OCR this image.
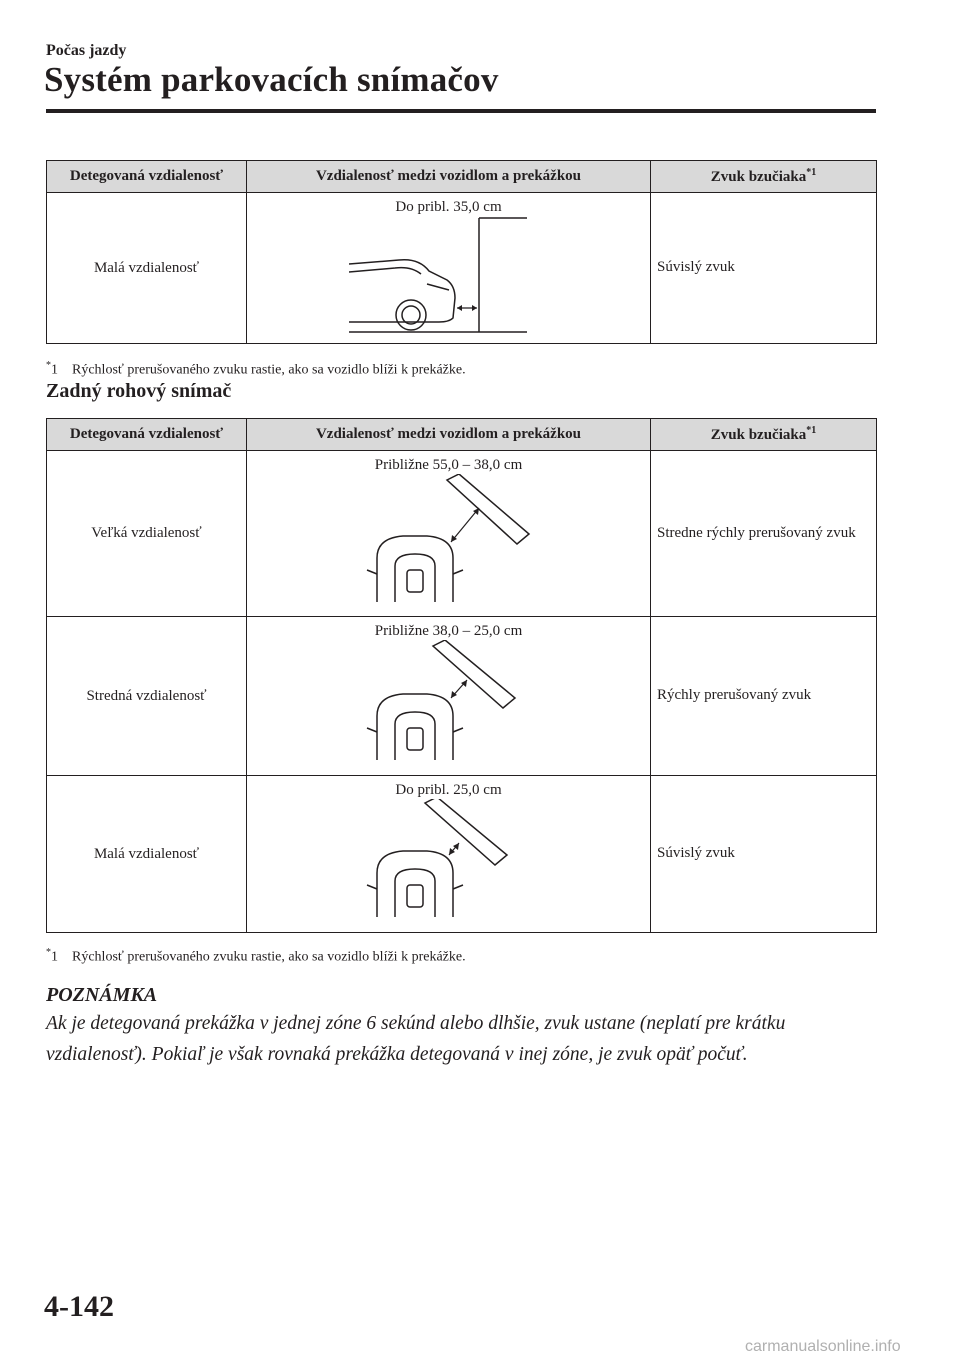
Počas jazdy
Systém parkovacích snímačov
Detegovaná vzdialenosť	Vzdialenosť medzi vozidlom a prekážkou	Zvuk bzučiaka$^{*1}$
Malá vzdialenosť	Do pribl. 35,0 cm	Súvislý zvuk
*1 Rýchlosť prerušovaného zvuku rastie, ako sa vozidlo blíži k prekážke.
Zadný rohový snímač
Detegovaná vzdialenosť	Vzdialenosť medzi vozidlom a prekážkou	Zvuk bzučiaka$^{*1}$
Veľká vzdialenosť	Približne 55,0 – 38,0 cm	Stredne rýchly prerušovaný zvuk
Stredná vzdialenosť	Približne 38,0 – 25,0 cm	Rýchly prerušovaný zvuk
Malá vzdialenosť	Do pribl. 25,0 cm	Súvislý zvuk
*1 Rýchlosť prerušovaného zvuku rastie, ako sa vozidlo blíži k prekážke.
POZNÁMKA
Ak je detegovaná prekážka v jednej zóne 6 sekúnd alebo dlhšie, zvuk ustane (neplatí pre krátku vzdialenosť). Pokiaľ je však rovnaká prekážka detegovaná v inej zóne, je zvuk opäť počuť.
4-142
carmanualsonline.info
